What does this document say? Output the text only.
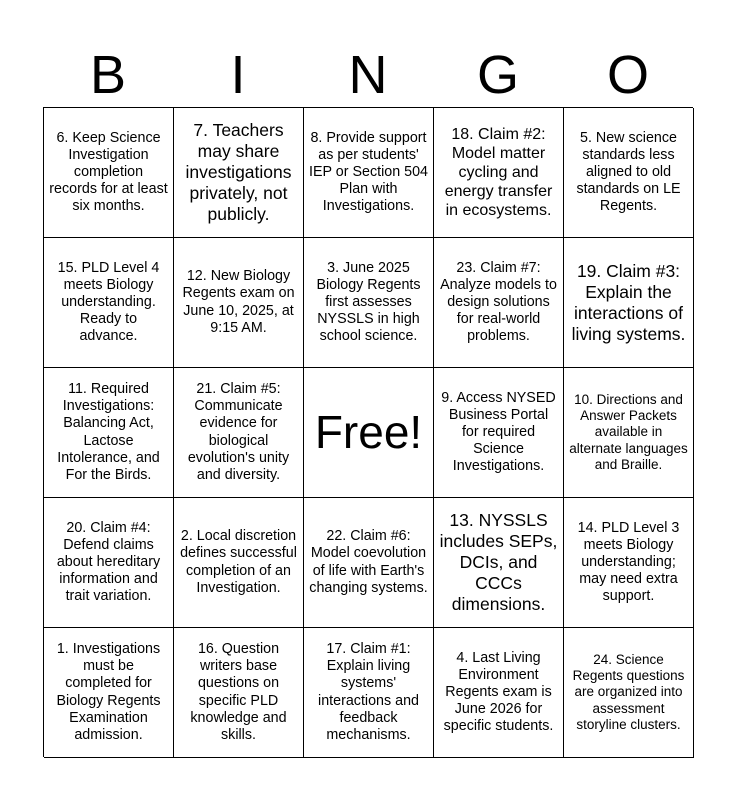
B	I	N	G	O
6. Keep Science Investigation completion records for at least six months.
7. Teachers may share investigations privately, not publicly.
8. Provide support as per students' IEP or Section 504 Plan with Investigations.
18. Claim #2: Model matter cycling and energy transfer in ecosystems.
5. New science standards less aligned to old standards on LE Regents.
15. PLD Level 4 meets Biology understanding. Ready to advance.
12. New Biology Regents exam on June 10, 2025, at 9:15 AM.
3. June 2025 Biology Regents first assesses NYSSLS in high school science.
23. Claim #7: Analyze models to design solutions for real-world problems.
19. Claim #3: Explain the interactions of living systems.
11. Required Investigations: Balancing Act, Lactose Intolerance, and For the Birds.
21. Claim #5: Communicate evidence for biological evolution's unity and diversity.
Free!
9. Access NYSED Business Portal for required Science Investigations.
10. Directions and Answer Packets available in alternate languages and Braille.
20. Claim #4: Defend claims about hereditary information and trait variation.
2. Local discretion defines successful completion of an Investigation.
22. Claim #6: Model coevolution of life with Earth's changing systems.
13. NYSSLS includes SEPs, DCIs, and CCCs dimensions.
14. PLD Level 3 meets Biology understanding; may need extra support.
1. Investigations must be completed for Biology Regents Examination admission.
16. Question writers base questions on specific PLD knowledge and skills.
17. Claim #1: Explain living systems' interactions and feedback mechanisms.
4. Last Living Environment Regents exam is June 2026 for specific students.
24. Science Regents questions are organized into assessment storyline clusters.
